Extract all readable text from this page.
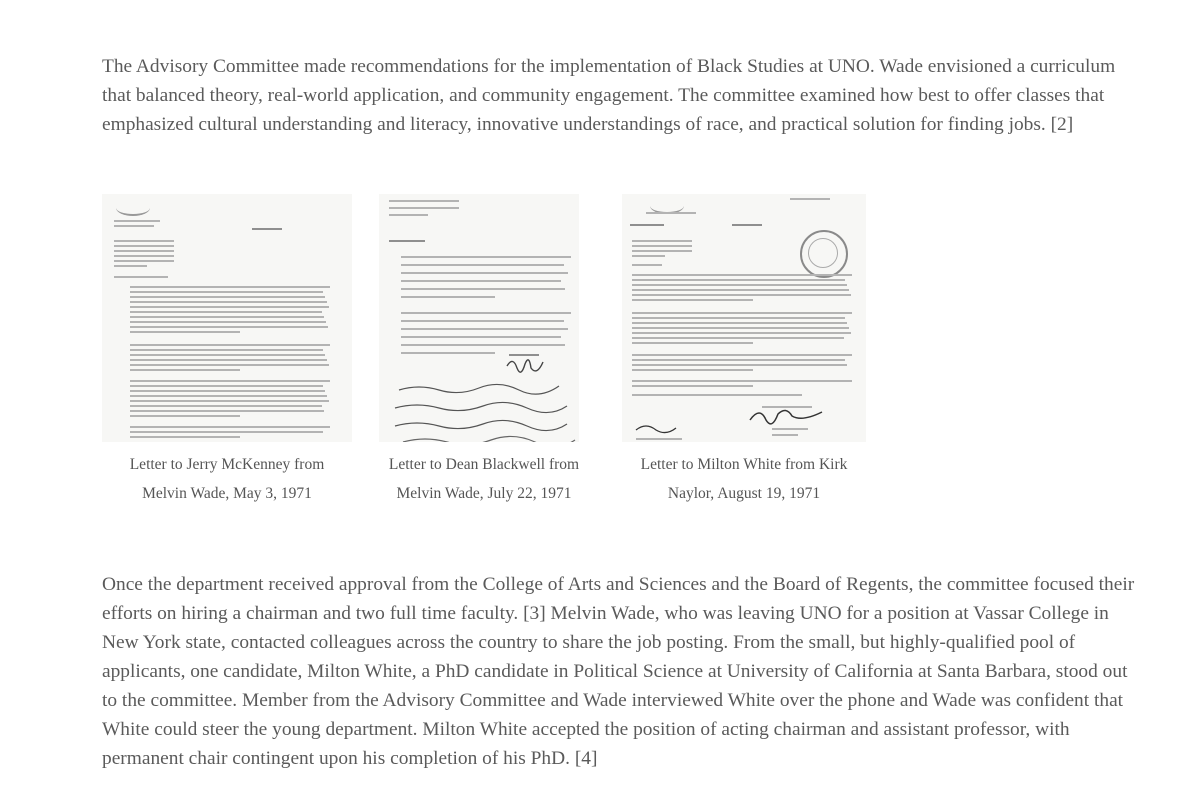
The Advisory Committee made recommendations for the implementation of Black Studies at UNO. Wade envisioned a curriculum that balanced theory, real-world application, and community engagement. The committee examined how best to offer classes that emphasized cultural understanding and literacy, innovative understandings of race, and practical solution for finding jobs. [2]

Letter to Jerry McKenney from
Melvin Wade, May 3, 1971
Letter to Dean Blackwell from
Melvin Wade, July 22, 1971
Letter to Milton White from Kirk
Naylor, August 19, 1971

Once the department received approval from the College of Arts and Sciences and the Board of Regents, the committee focused their efforts on hiring a chairman and two full time faculty. [3] Melvin Wade, who was leaving UNO for a position at Vassar College in New York state, contacted colleagues across the country to share the job posting. From the small, but highly-qualified pool of applicants, one candidate, Milton White, a PhD candidate in Political Science at University of California at Santa Barbara, stood out to the committee. Member from the Advisory Committee and Wade interviewed White over the phone and Wade was confident that White could steer the young department. Milton White accepted the position of acting chairman and assistant professor, with permanent chair contingent upon his completion of his PhD. [4]
